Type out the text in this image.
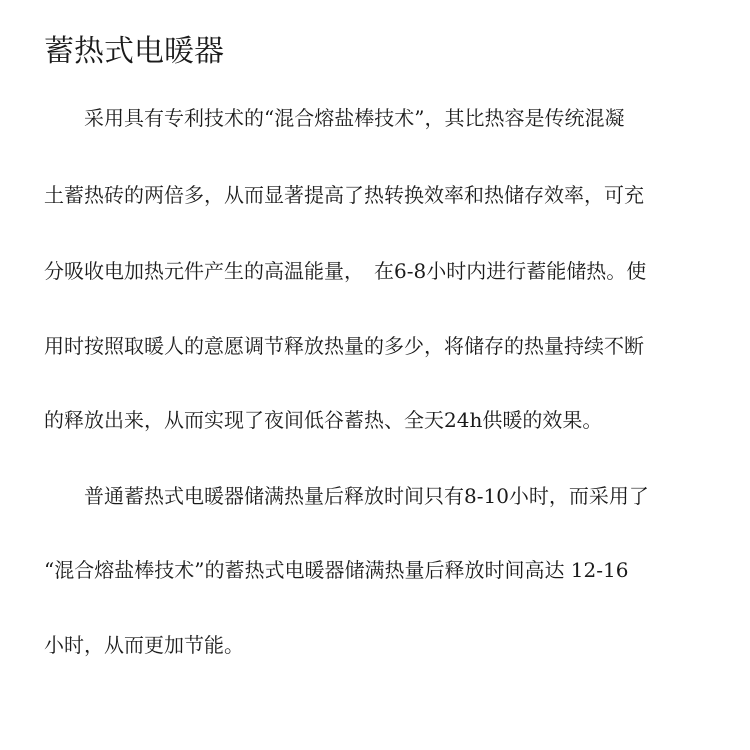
蓄热式电暖器

　　采用具有专利技术的“混合熔盐棒技术”，其比热容是传统混凝

土蓄热砖的两倍多，从而显著提高了热转换效率和热储存效率，可充

分吸收电加热元件产生的高温能量，　在6-8小时内进行蓄能储热。使

用时按照取暖人的意愿调节释放热量的多少，将储存的热量持续不断

的释放出来，从而实现了夜间低谷蓄热、全天24h供暖的效果。

　　普通蓄热式电暖器储满热量后释放时间只有8-10小时，而采用了

“混合熔盐棒技术”的蓄热式电暖器储满热量后释放时间高达 12-16

小时，从而更加节能。
